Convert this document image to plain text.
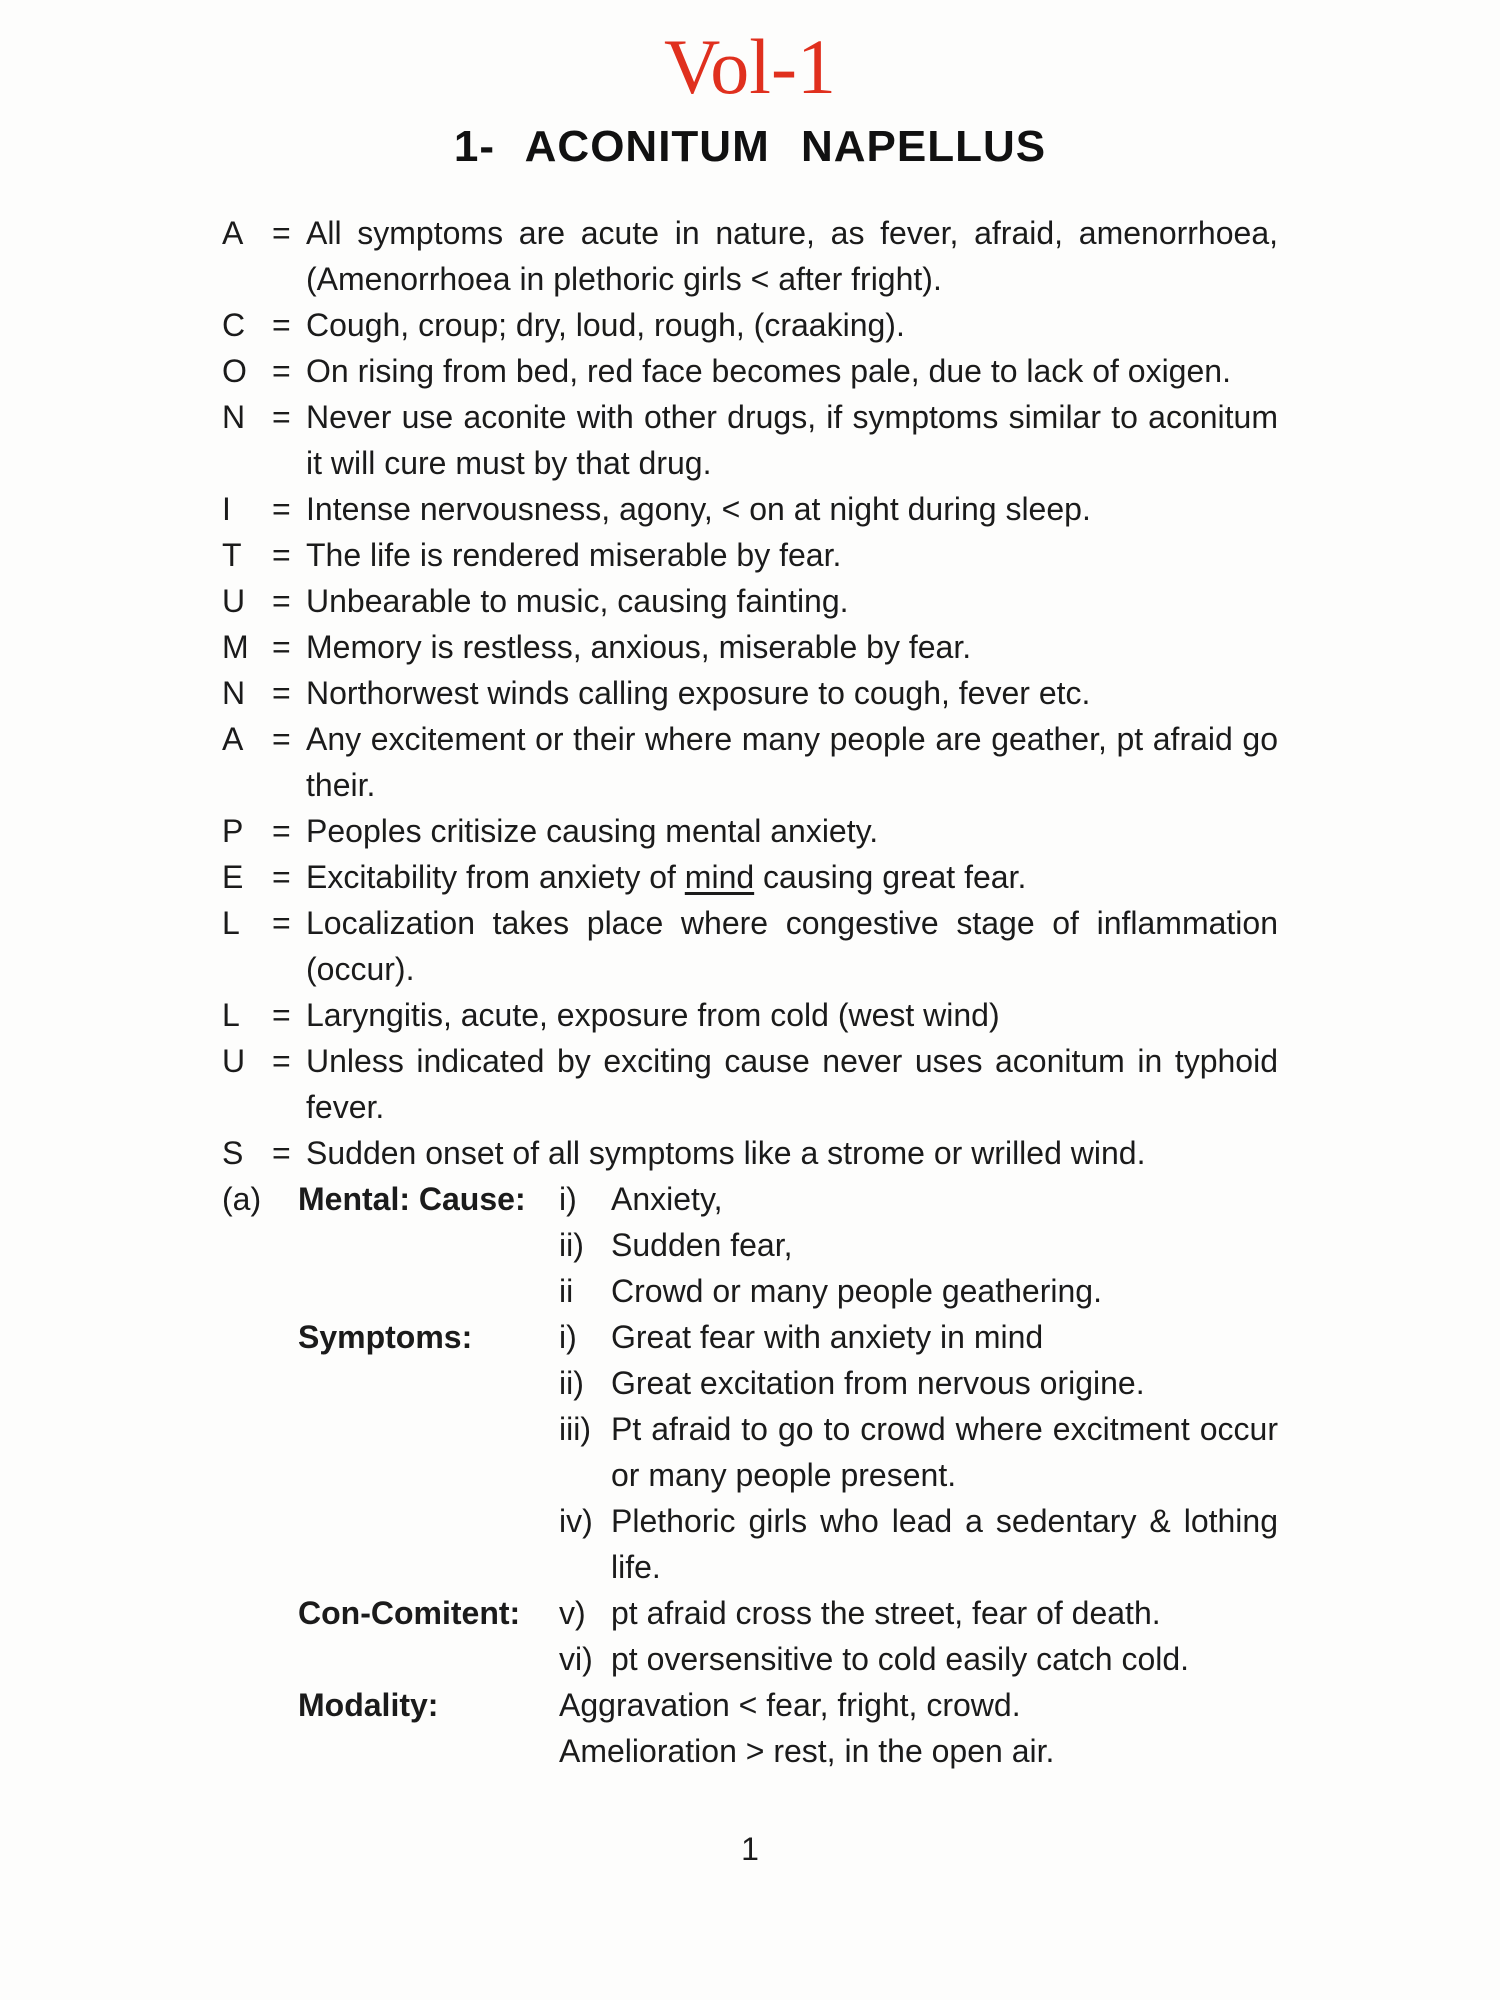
Vol-1
1- ACONITUM NAPELLUS
A = All symptoms are acute in nature, as fever, afraid, amenorrhoea, (Amenorrhoea in plethoric girls < after fright).
C = Cough, croup; dry, loud, rough, (craaking).
O = On rising from bed, red face becomes pale, due to lack of oxigen.
N = Never use aconite with other drugs, if symptoms similar to aconitum it will cure must by that drug.
I	= Intense nervousness, agony, < on at night during sleep.
T = The life is rendered miserable by fear.
U = Unbearable to music, causing fainting.
M = Memory is restless, anxious, miserable by fear.
N = Northorwest winds calling exposure to cough, fever etc.
A = Any excitement or their where many people are geather, pt afraid go their.
P = Peoples critisize causing mental anxiety.
E = Excitability from anxiety of mind causing great fear.
L	= Localization takes place where congestive stage of inflammation (occur).
L	= Laryngitis, acute, exposure from cold (west wind)
U = Unless indicated by exciting cause never uses aconitum in typhoid fever.
S = Sudden onset of all symptoms like a strome or wrilled wind.
(a)	Mental: Cause:	i)	Anxiety,
ii) Sudden fear,
ii	Crowd or many people geathering.
Symptoms:	i)	Great fear with anxiety in mind
ii) Great excitation from nervous origine.
iii) Pt afraid to go to crowd where excitment occur or many people present.
iv) Plethoric girls who lead a sedentary & lothing life.
Con-Comitent:	v) pt afraid cross the street, fear of death.
vi) pt oversensitive to cold easily catch cold.
Modality:	Aggravation < fear, fright, crowd.
Amelioration > rest, in the open air.
1
